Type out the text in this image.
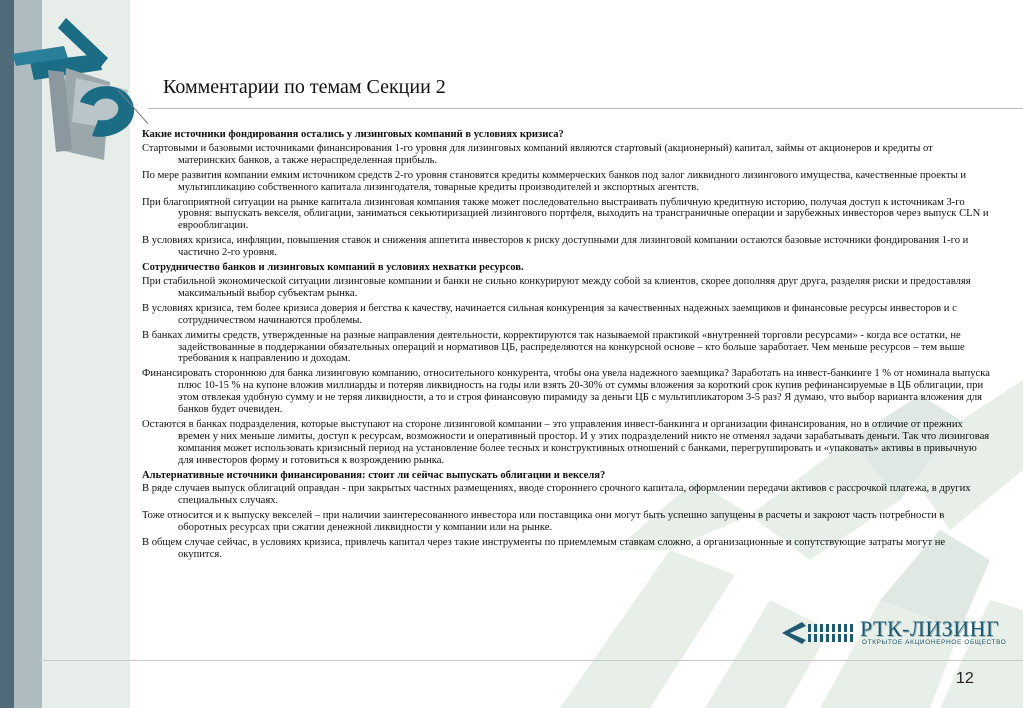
Комментарии по темам Секции 2
Какие источники фондирования остались у лизинговых компаний в условиях кризиса?
Стартовыми и базовыми источниками финансирования 1-го уровня для лизинговых компаний являются стартовый (акционерный) капитал, займы от акционеров и кредиты от материнских банков, а также нераспределенная прибыль.
По мере развития компании емким источником средств 2-го уровня становятся кредиты коммерческих банков под залог ликвидного лизингового имущества, качественные проекты и мультипликацию собственного капитала лизингодателя, товарные кредиты производителей и экспортных агентств.
При благоприятной ситуации на рынке капитала лизинговая компания также может последовательно выстраивать публичную кредитную историю, получая доступ к источникам 3-го уровня: выпускать векселя, облигации, заниматься секьютиризацией лизингового портфеля, выходить на трансграничные операции и зарубежных инвесторов через выпуск CLN и еврооблигации.
В условиях кризиса, инфляции, повышения ставок и снижения аппетита инвесторов к риску доступными для лизинговой компании остаются базовые источники фондирования 1-го и частично 2-го уровня.
Сотрудничество банков и лизинговых компаний в условиях нехватки ресурсов.
При стабильной экономической ситуации лизинговые компании и банки не сильно конкурируют между собой за клиентов, скорее дополняя друг друга, разделяя риски и предоставляя максимальный выбор субъектам рынка.
В условиях кризиса, тем более кризиса доверия и бегства к качеству, начинается сильная конкуренция за качественных надежных заемщиков и финансовые ресурсы инвесторов и с сотрудничеством начинаются проблемы.
В банках лимиты средств, утвержденные на разные направления деятельности, корректируются так называемой практикой «внутренней торговли ресурсами» - когда все остатки, не задействованные в поддержании обязательных операций и нормативов ЦБ, распределяются на конкурсной основе – кто больше заработает. Чем меньше ресурсов – тем выше требования к направлению и доходам.
Финансировать стороннюю для банка лизинговую компанию, относительного конкурента, чтобы она увела надежного заемщика? Заработать на инвест-банкинге 1 % от номинала выпуска плюс 10-15 % на купоне вложив миллиарды и потеряв ликвидность на годы или взять 20-30% от суммы вложения за короткий срок купив рефинансируемые в ЦБ облигации, при этом отвлекая удобную сумму и не теряя ликвидности, а то и строя финансовую пирамиду за деньги ЦБ с мультипликатором 3-5 раз? Я думаю, что выбор варианта вложения для банков будет очевиден.
Остаются в банках подразделения, которые выступают на стороне лизинговой компании – это управления инвест-банкинга и организации финансирования, но в отличие от прежних времен у них меньше лимиты, доступ к ресурсам, возможности и оперативный простор. И у этих подразделений никто не отменял задачи зарабатывать деньги. Так что лизинговая компания может использовать кризисный период на установление более тесных и конструктивных отношений с банками, перегруппировать и «упаковать» активы в привычную для инвесторов форму и готовиться к возрождению рынка.
Альтернативные источники финансирования: стоит ли сейчас выпускать облигации и векселя?
В ряде случаев выпуск облигаций оправдан - при закрытых частных размещениях, вводе стороннего срочного капитала, оформлении передачи активов с рассрочкой платежа, в других специальных случаях.
Тоже относится и к выпуску векселей – при наличии заинтересованного инвестора или поставщика они могут быть успешно запущены в расчеты и закроют часть потребности в оборотных ресурсах при сжатии денежной ликвидности у компании или на рынке.
В общем случае сейчас, в условиях кризиса, привлечь капитал через такие инструменты по приемлемым ставкам сложно, а организационные и сопутствующие затраты могут не окупится.
РТК-ЛИЗИНГ
ОТКРЫТОЕ АКЦИОНЕРНОЕ ОБЩЕСТВО
12
